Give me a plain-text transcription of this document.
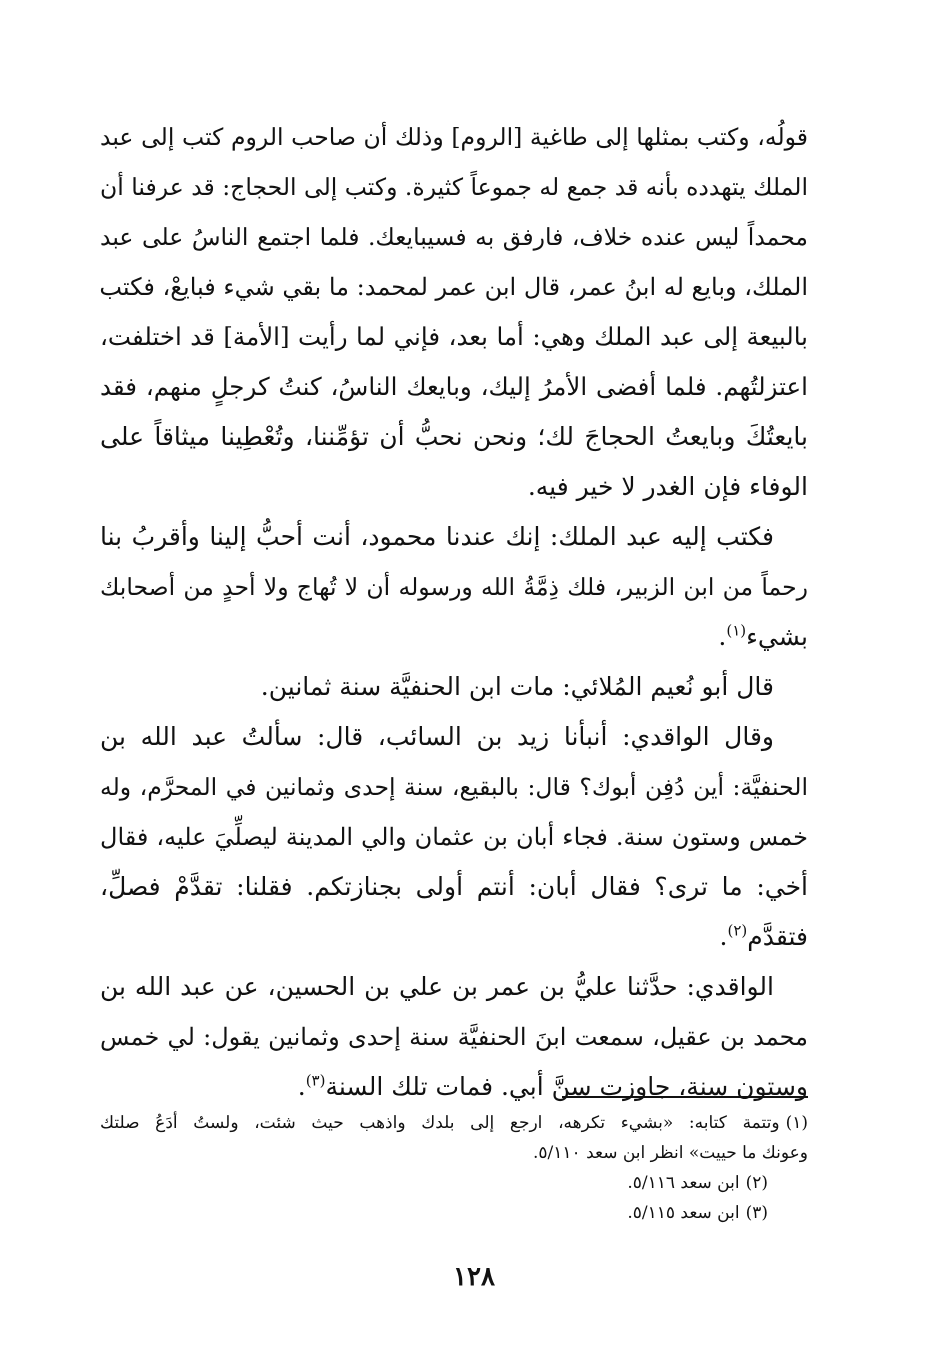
قولُه، وكتب بمثلها إلى طاغية [الروم] وذلك أن صاحب الروم كتب إلى عبد
الملك يتهدده بأنه قد جمع له جموعاً كثيرة. وكتب إلى الحجاج: قد عرفنا أن
محمداً ليس عنده خلاف، فارفق به فسيبايعك. فلما اجتمع الناسُ على عبد
الملك، وبايع له ابنُ عمر، قال ابن عمر لمحمد: ما بقي شيء فبايعْ، فكتب
بالبيعة إلى عبد الملك وهي: أما بعد، فإني لما رأيت [الأمة] قد اختلفت،
اعتزلتُهم. فلما أفضى الأمرُ إليك، وبايعك الناسُ، كنتُ كرجلٍ منهم، فقد
بايعتُكَ وبايعتُ الحجاجَ لك؛ ونحن نحبُّ أن تؤمِّننا، وتُعْطِينا ميثاقاً على
الوفاء فإن الغدر لا خير فيه.
فكتب إليه عبد الملك: إنك عندنا محمود، أنت أحبُّ إلينا وأقربُ بنا
رحماً من ابن الزبير، فلك ذِمَّةُ الله ورسوله أن لا تُهاج ولا أحدٍ من أصحابك
بشيء$^{(١)}$.
قال أبو نُعيم المُلائي: مات ابن الحنفيَّة سنة ثمانين.
وقال الواقدي: أنبأنا زيد بن السائب، قال: سألتُ عبد الله بن
الحنفيَّة: أين دُفِن أبوك؟ قال: بالبقيع، سنة إحدى وثمانين في المحرَّم، وله
خمس وستون سنة. فجاء أبان بن عثمان والي المدينة ليصلِّيَ عليه، فقال
أخي: ما ترى؟ فقال أبان: أنتم أولى بجنازتكم. فقلنا: تقدَّمْ فصلِّ،
فتقدَّم$^{(٢)}$.
الواقدي: حدَّثنا عليُّ بن عمر بن علي بن الحسين، عن عبد الله بن
محمد بن عقيل، سمعت ابنَ الحنفيَّة سنة إحدى وثمانين يقول: لي خمس
وستون سنة، جاوزت سنَّ أبي. فمات تلك السنة$^{(٣)}$.
(١)وتتمة كتابه: «بشيء تكرهه، ارجع إلى بلدك واذهب حيث شئت، ولستُ أدَعُ صلتك
وعونك ما حييت» انظر ابن سعد ٥/١١٠.
(٢)ابن سعد ٥/١١٦.
(٣)ابن سعد ٥/١١٥.
١٢٨
